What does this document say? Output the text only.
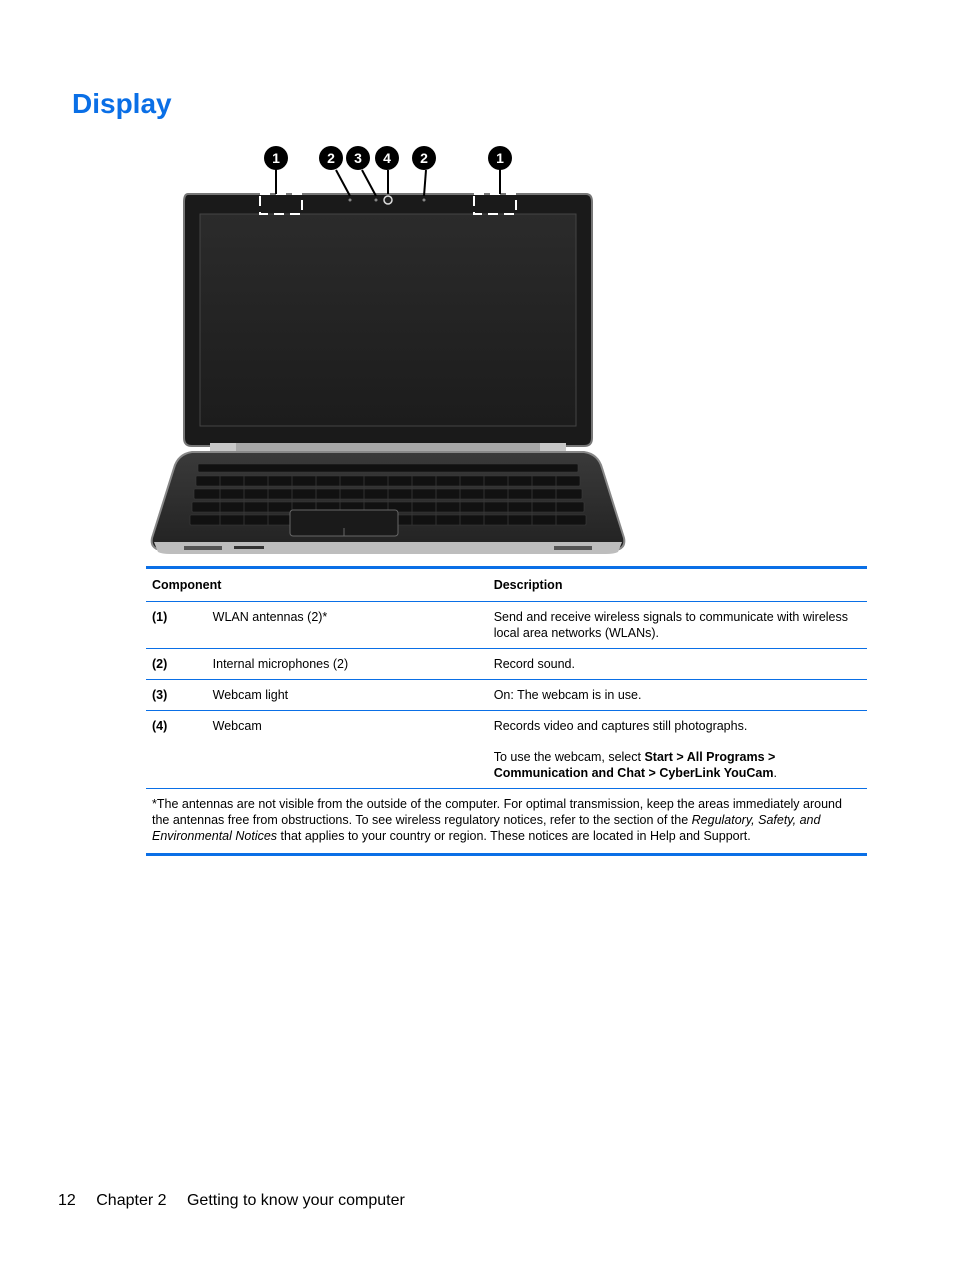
Display
1	2 3 4 2	1
Component		Description
(1)	WLAN antennas (2)*	Send and receive wireless signals to communicate with wireless local area networks (WLANs).
(2)	Internal microphones (2)	Record sound.
(3)	Webcam light	On: The webcam is in use.
(4)	Webcam	Records video and captures still photographs.

To use the webcam, select Start > All Programs > Communication and Chat > CyberLink YouCam.

*The antennas are not visible from the outside of the computer. For optimal transmission, keep the areas immediately around the antennas free from obstructions. To see wireless regulatory notices, refer to the section of the Regulatory, Safety, and Environmental Notices that applies to your country or region. These notices are located in Help and Support.		
12 Chapter 2 Getting to know your computer
